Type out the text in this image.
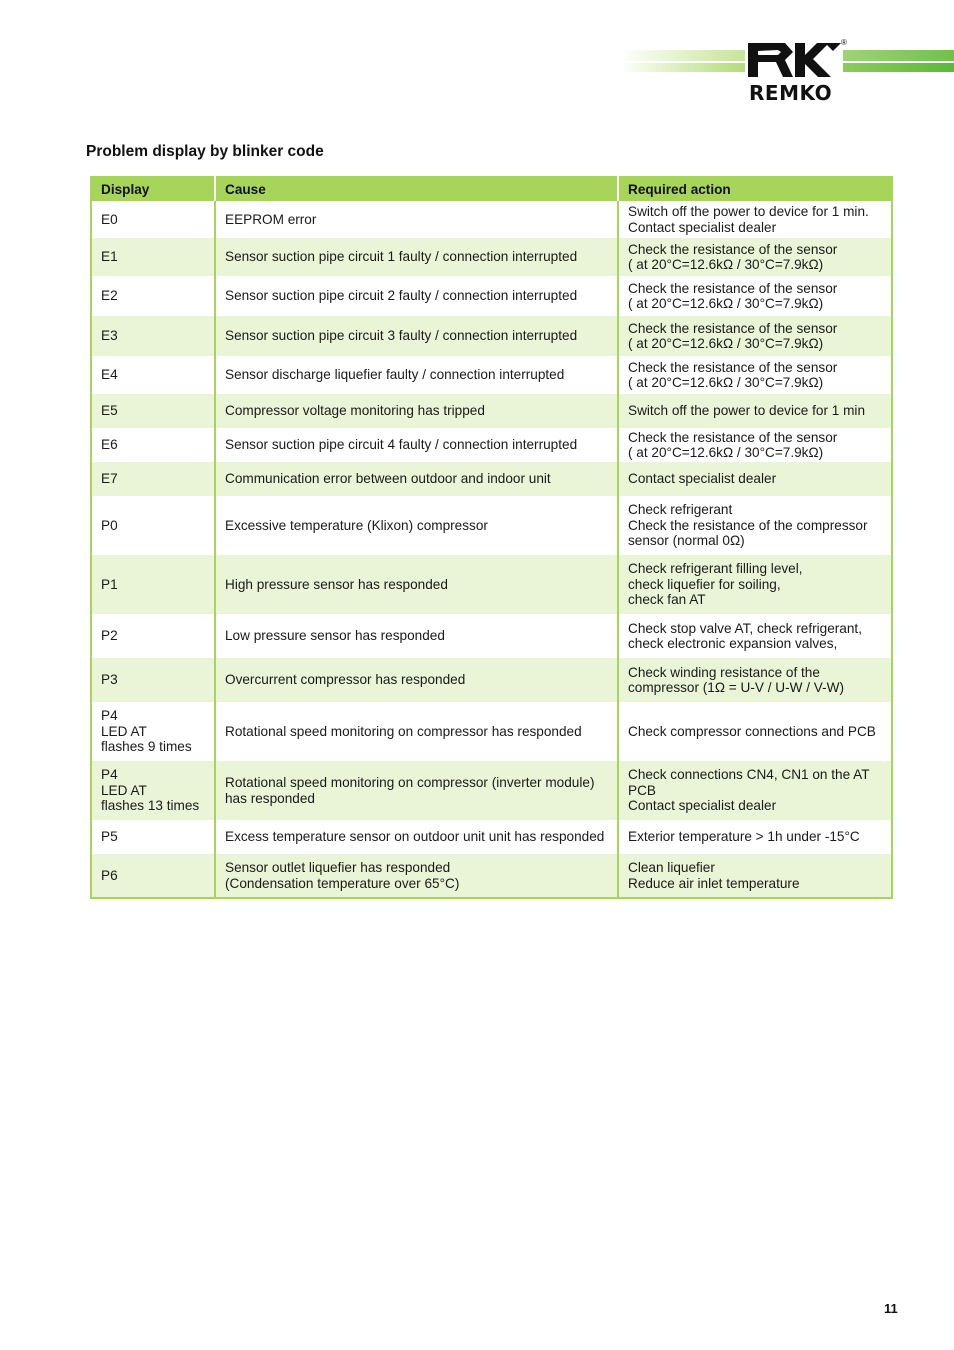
®
REMKO
Problem display by blinker code
Display	Cause	Required action
E0	EEPROM error	Switch off the power to device for 1 min.
Contact specialist dealer
E1	Sensor suction pipe circuit 1 faulty / connection interrupted	Check the resistance of the sensor
( at 20°C=12.6kΩ / 30°C=7.9kΩ)
E2	Sensor suction pipe circuit 2 faulty / connection interrupted	Check the resistance of the sensor
( at 20°C=12.6kΩ / 30°C=7.9kΩ)
E3	Sensor suction pipe circuit 3 faulty / connection interrupted	Check the resistance of the sensor
( at 20°C=12.6kΩ / 30°C=7.9kΩ)
E4	Sensor discharge liquefier faulty / connection interrupted	Check the resistance of the sensor
( at 20°C=12.6kΩ / 30°C=7.9kΩ)
E5	Compressor voltage monitoring has tripped	Switch off the power to device for 1 min
E6	Sensor suction pipe circuit 4 faulty / connection interrupted	Check the resistance of the sensor
( at 20°C=12.6kΩ / 30°C=7.9kΩ)
E7	Communication error between outdoor and indoor unit	Contact specialist dealer
P0	Excessive temperature (Klixon) compressor	Check refrigerant
Check the resistance of the compressor
sensor (normal 0Ω)
P1	High pressure sensor has responded	Check refrigerant filling level,
check liquefier for soiling,
check fan AT
P2	Low pressure sensor has responded	Check stop valve AT, check refrigerant,
check electronic expansion valves,
P3	Overcurrent compressor has responded	Check winding resistance of the
compressor (1Ω = U-V / U-W / V-W)
P4
LED AT
flashes 9 times	Rotational speed monitoring on compressor has responded	Check compressor connections and PCB
P4
LED AT
flashes 13 times	Rotational speed monitoring on compressor (inverter module)
has responded	Check connections CN4, CN1 on the AT PCB
Contact specialist dealer
P5	Excess temperature sensor on outdoor unit unit has responded	Exterior temperature > 1h under -15°C
P6	Sensor outlet liquefier has responded
(Condensation temperature over 65°C)	Clean liquefier
Reduce air inlet temperature
11
